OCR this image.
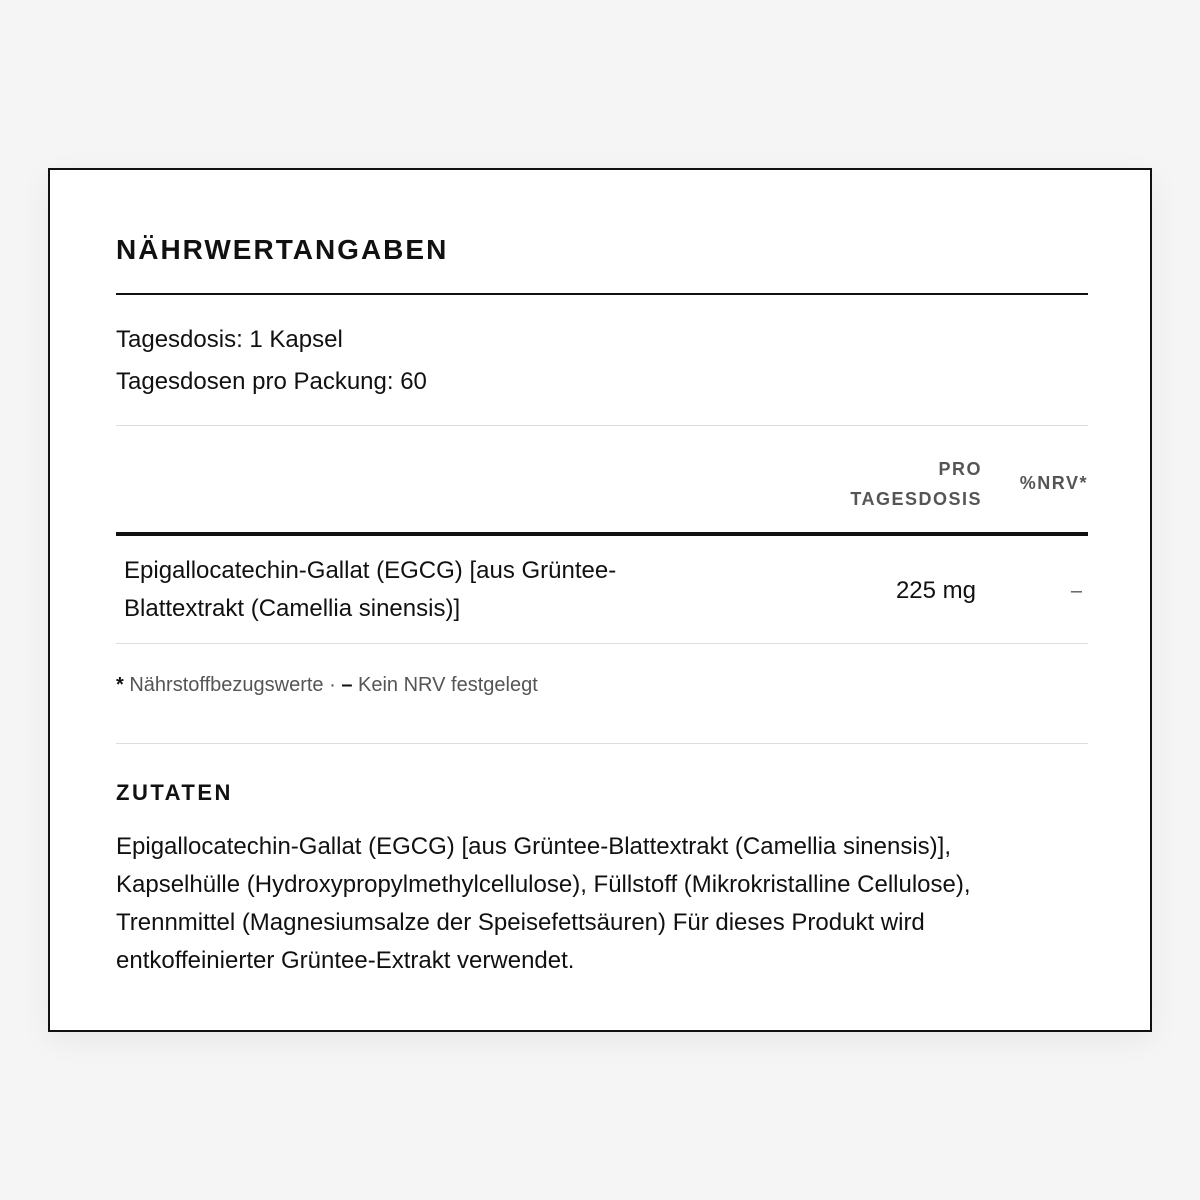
NÄHRWERTANGABEN
Tagesdosis: 1 Kapsel
Tagesdosen pro Packung: 60
PRO
TAGESDOSIS
%NRV*
Epigallocatechin-Gallat (EGCG) [aus Grüntee-Blattextrakt (Camellia sinensis)]
225 mg	–
* Nährstoffbezugswerte · – Kein NRV festgelegt
ZUTATEN

Epigallocatechin-Gallat (EGCG) [aus Grüntee-Blattextrakt (Camellia sinensis)], Kapselhülle (Hydroxypropylmethylcellulose), Füllstoff (Mikrokristalline Cellulose), Trennmittel (Magnesiumsalze der Speisefettsäuren) Für dieses Produkt wird entkoffeinierter Grüntee-Extrakt verwendet.
